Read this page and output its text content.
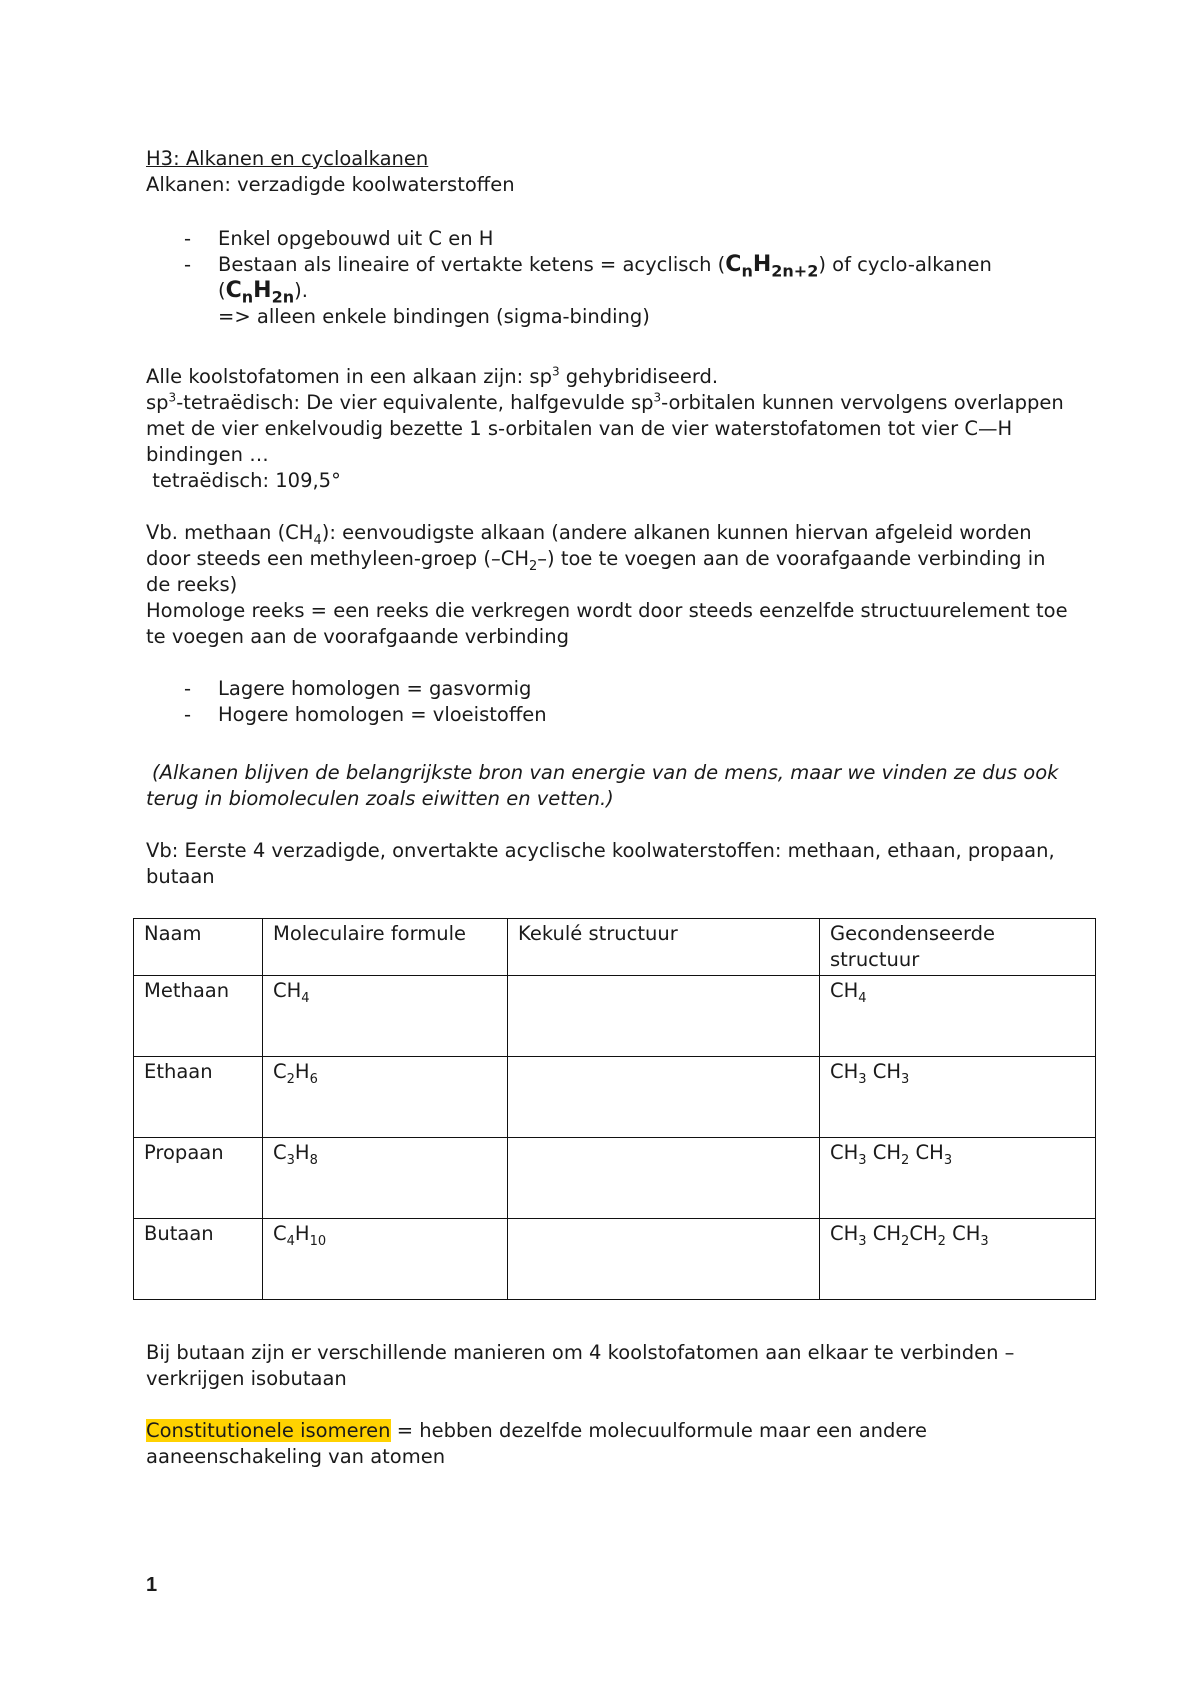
H3: Alkanen en cycloalkanen

Alkanen: verzadigde koolwaterstoffen

- Enkel opgebouwd uit C en H
- Bestaan als lineaire of vertakte ketens = acyclisch $(C_nH_{2n+2})$ of cyclo-alkanen $(C_nH_{2n})$.
=> alleen enkele bindingen (sigma-binding)

Alle koolstofatomen in een alkaan zijn: $sp^3$ gehybridiseerd.
$sp^3$-tetraëdisch: De vier equivalente, halfgevulde $sp^3$-orbitalen kunnen vervolgens overlappen met de vier enkelvoudig bezette 1 s-orbitalen van de vier waterstofatomen tot vier C—H bindingen …
tetraëdisch: 109,5°

Vb. methaan $(CH_4)$: eenvoudigste alkaan (andere alkanen kunnen hiervan afgeleid worden door steeds een methyleen-groep $(-CH_2-)$ toe te voegen aan de voorafgaande verbinding in de reeks)
Homologe reeks = een reeks die verkregen wordt door steeds eenzelfde structuurelement toe te voegen aan de voorafgaande verbinding

- Lagere homologen = gasvormig
- Hogere homologen = vloeistoffen

(Alkanen blijven de belangrijkste bron van energie van de mens, maar we vinden ze dus ook terug in biomoleculen zoals eiwitten en vetten.)

Vb: Eerste 4 verzadigde, onvertakte acyclische koolwaterstoffen: methaan, ethaan, propaan, butaan

Naam	Moleculaire formule	Kekulé structuur	Gecondenseerde structuur
Methaan	$CH_4$		$CH_4$
Ethaan	$C_2H_6$		$CH_3$ $CH_3$
Propaan	$C_3H_8$		$CH_3$ $CH_2$ $CH_3$
Butaan	$C_4H_{10}$		$CH_3$ $CH_2CH_2$ $CH_3$

Bij butaan zijn er verschillende manieren om 4 koolstofatomen aan elkaar te verbinden – verkrijgen isobutaan

Constitutionele isomeren = hebben dezelfde molecuulformule maar een andere aaneenschakeling van atomen

1
